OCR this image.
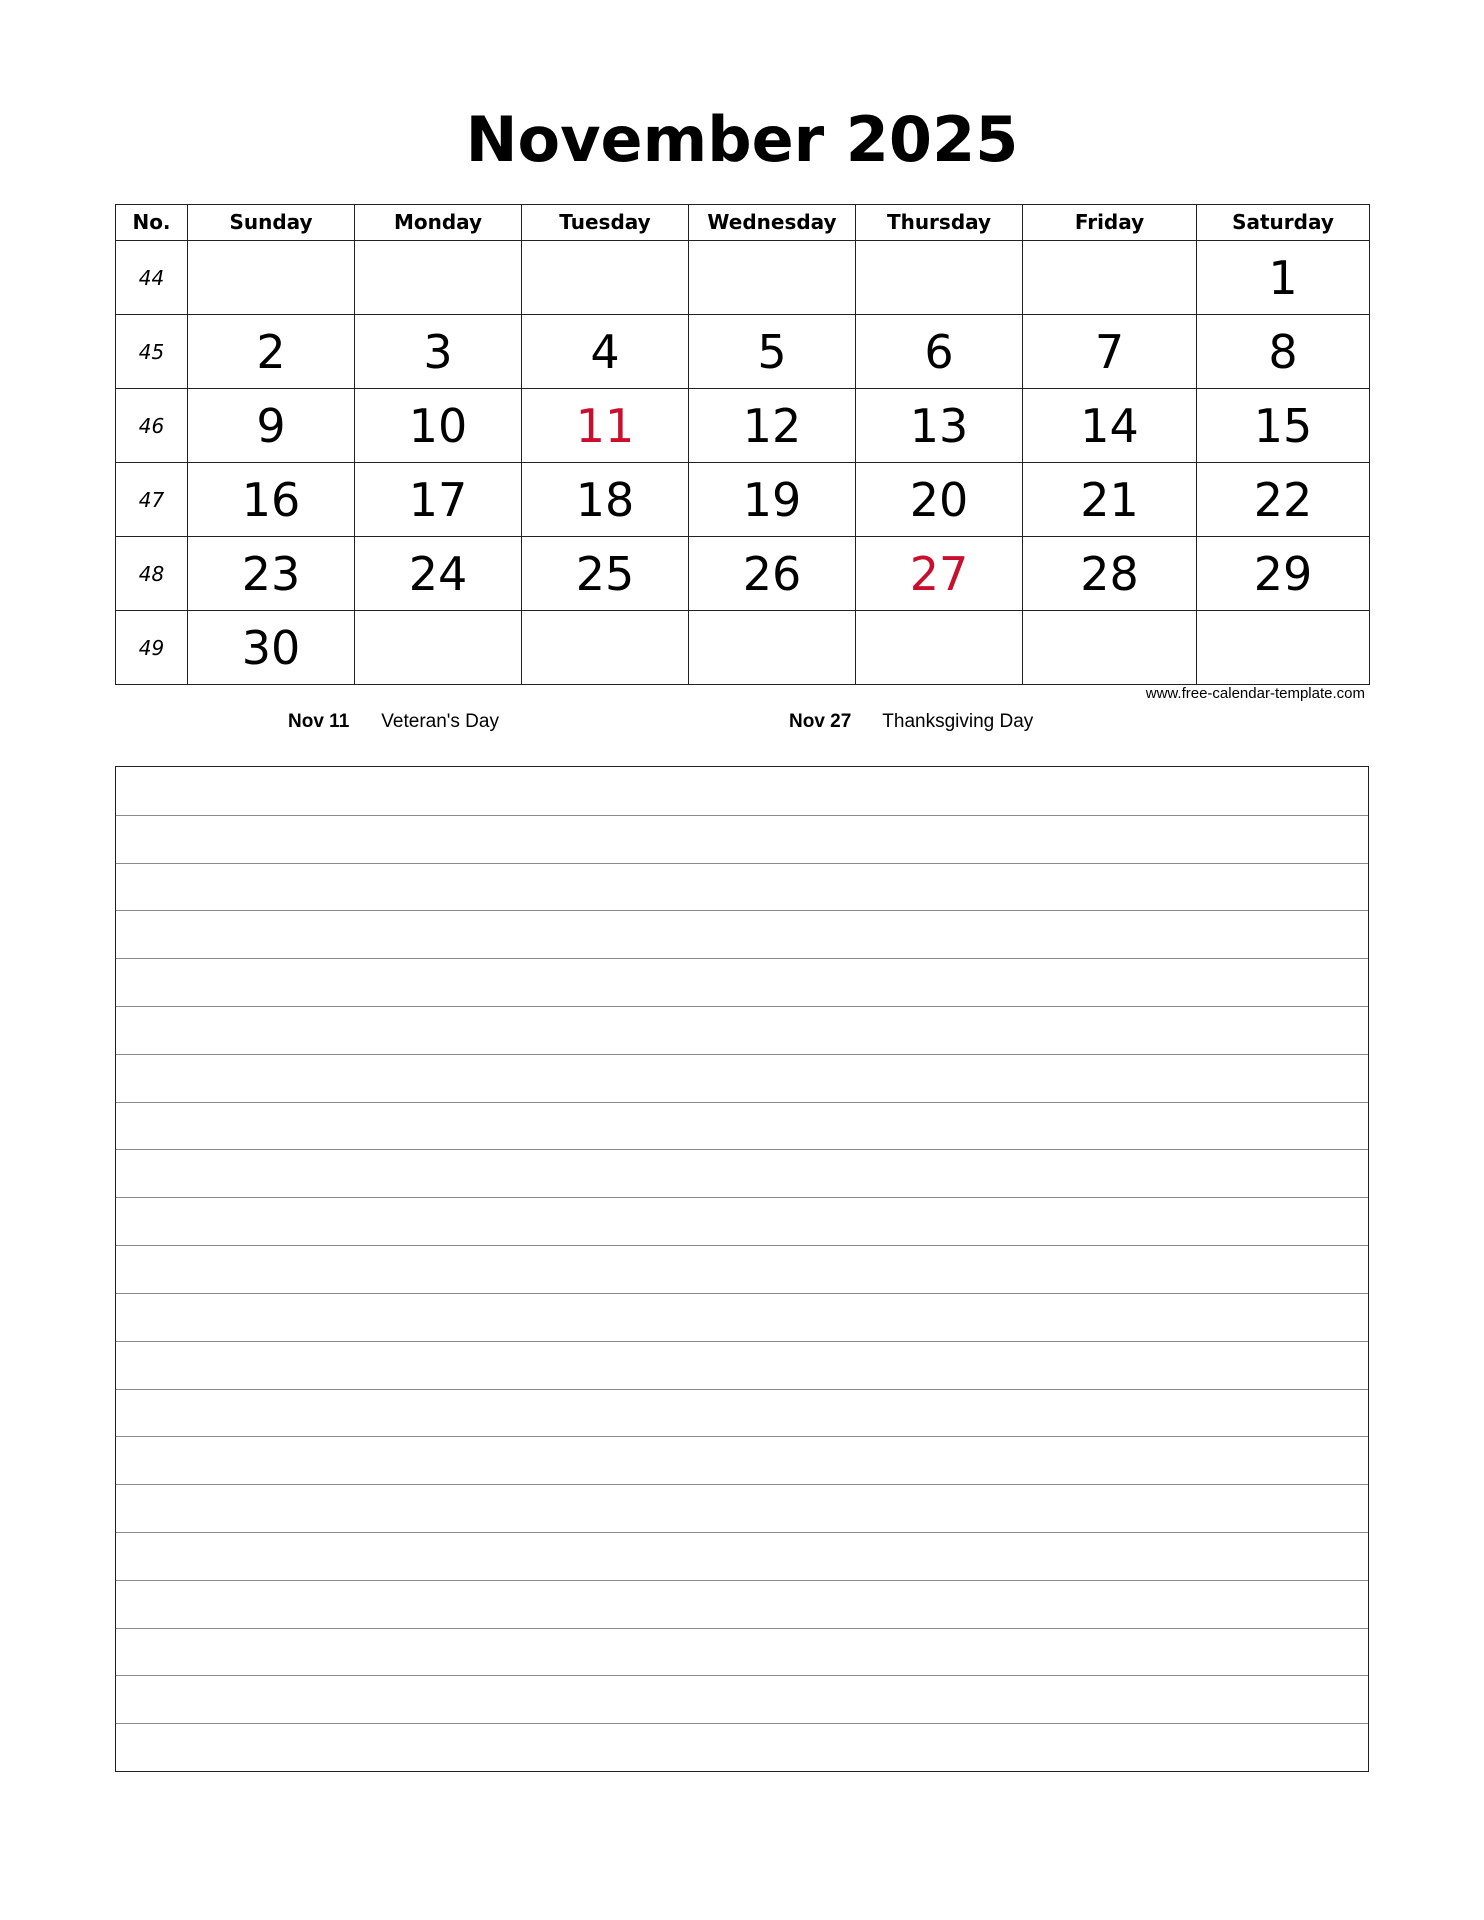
November 2025
No.	Sunday	Monday	Tuesday	Wednesday	Thursday	Friday	Saturday
44							1
45	2	3	4	5	6	7	8
46	9	10	11	12	13	14	15
47	16	17	18	19	20	21	22
48	23	24	25	26	27	28	29
49	30						
www.free-calendar-template.com
Nov 11 Veteran's Day	Nov 27 Thanksgiving Day
